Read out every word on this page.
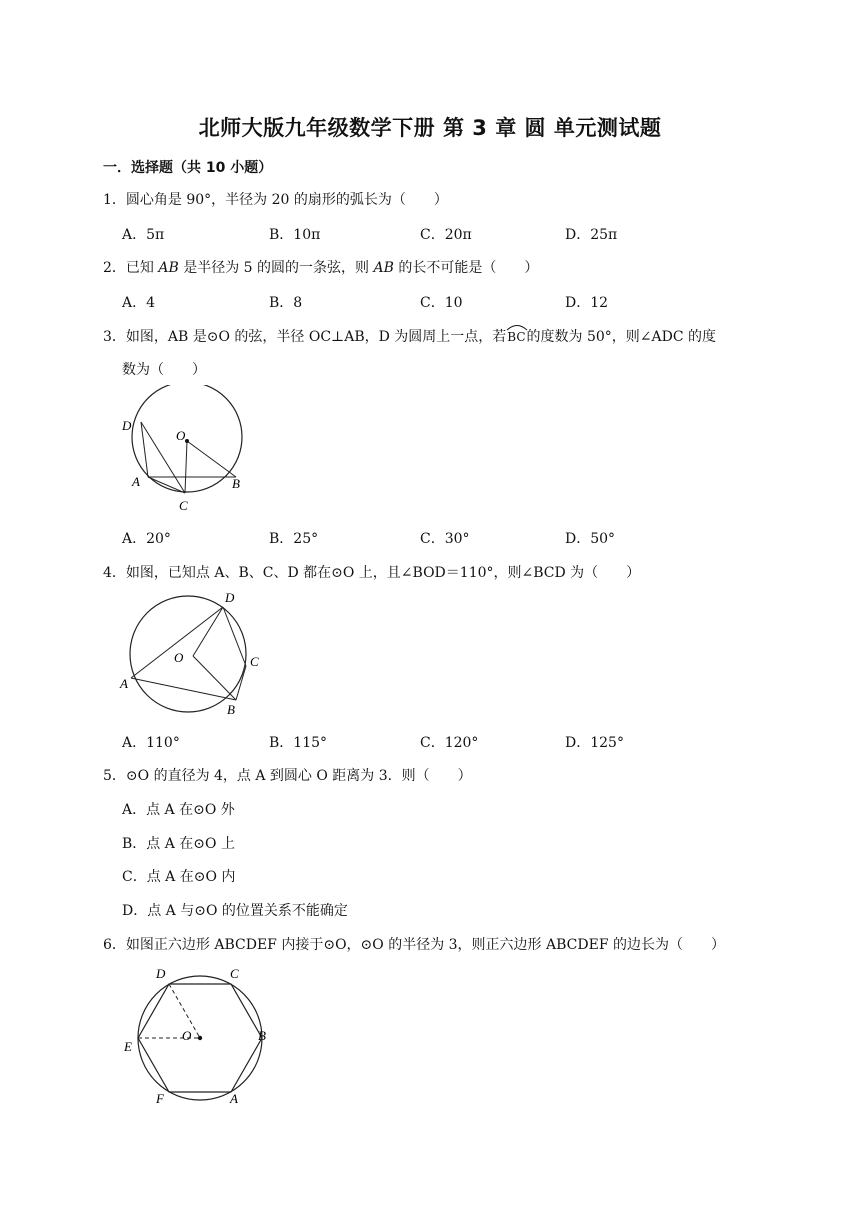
北师大版九年级数学下册 第 3 章 圆 单元测试题
一．选择题（共 10 小题）
1．圆心角是 90°，半径为 20 的扇形的弧长为（　　）
A．5π	B．10π	C．20π	D．25π
2．已知 AB 是半径为 5 的圆的一条弦，则 AB 的长不可能是（　　）
A．4	B．8	C．10	D．12
3．如图，AB 是⊙O 的弦，半径 OC⊥AB，D 为圆周上一点，若
BC的度数为 50°，则∠ADC 的度
数为（　　）
D
O
A
C
B
A．20°	B．25°	C．30°	D．50°
4．如图，已知点 A、B、C、D 都在⊙O 上，且∠BOD＝110°，则∠BCD 为（　　）
D
O	C
A
B
A．110°	B．115°	C．120°	D．125°
5．⊙O 的直径为 4，点 A 到圆心 O 距离为 3．则（　　）
A．点 A 在⊙O 外
B．点 A 在⊙O 上
C．点 A 在⊙O 内
D．点 A 与⊙O 的位置关系不能确定
6．如图正六边形 ABCDEF 内接于⊙O，⊙O 的半径为 3，则正六边形 ABCDEF 的边长为（　　）
D	C
E
O	B
F	A
